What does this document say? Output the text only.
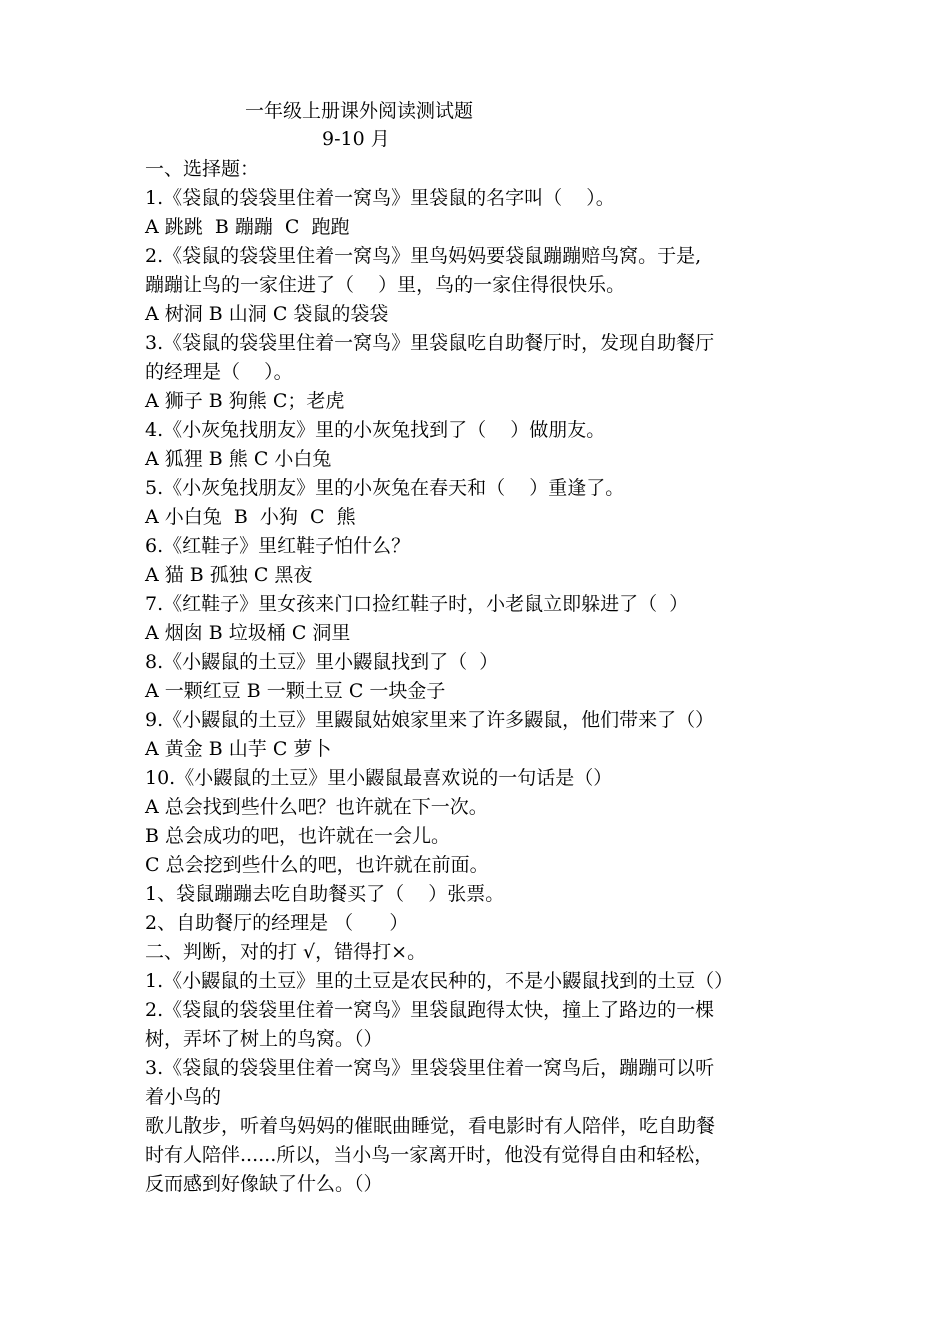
一年级上册课外阅读测试题
9-10 月
一、选择题：
1.《袋鼠的袋袋里住着一窝鸟》里袋鼠的名字叫（    ）。
A 跳跳  B 蹦蹦  C  跑跑
2.《袋鼠的袋袋里住着一窝鸟》里鸟妈妈要袋鼠蹦蹦赔鸟窝。于是,
蹦蹦让鸟的一家住进了（    ）里，鸟的一家住得很快乐。
A 树洞 B 山洞 C 袋鼠的袋袋
3.《袋鼠的袋袋里住着一窝鸟》里袋鼠吃自助餐厅时，发现自助餐厅
的经理是（    ）。
A 狮子 B 狗熊 C；老虎
4.《小灰兔找朋友》里的小灰兔找到了（    ）做朋友。
A 狐狸 B 熊 C 小白兔
5.《小灰兔找朋友》里的小灰兔在春天和（    ）重逢了。
A 小白兔  B  小狗  C  熊
6.《红鞋子》里红鞋子怕什么？
A 猫 B 孤独 C 黑夜
7.《红鞋子》里女孩来门口捡红鞋子时，小老鼠立即躲进了（  ）
A 烟囱 B 垃圾桶 C 洞里
8.《小鼹鼠的土豆》里小鼹鼠找到了（  ）
A 一颗红豆 B 一颗土豆 C 一块金子
9.《小鼹鼠的土豆》里鼹鼠姑娘家里来了许多鼹鼠，他们带来了（）
A 黄金 B 山芋 C 萝卜
10.《小鼹鼠的土豆》里小鼹鼠最喜欢说的一句话是（）
A 总会找到些什么吧？也许就在下一次。
B 总会成功的吧，也许就在一会儿。
C 总会挖到些什么的吧，也许就在前面。
1、袋鼠蹦蹦去吃自助餐买了（    ）张票。
2、自助餐厅的经理是 （      ）
二、判断，对的打 √，错得打×。
1.《小鼹鼠的土豆》里的土豆是农民种的，不是小鼹鼠找到的土豆（）
2.《袋鼠的袋袋里住着一窝鸟》里袋鼠跑得太快，撞上了路边的一棵
树，弄坏了树上的鸟窝。（）
3.《袋鼠的袋袋里住着一窝鸟》里袋袋里住着一窝鸟后，蹦蹦可以听
着小鸟的
歌儿散步，听着鸟妈妈的催眠曲睡觉，看电影时有人陪伴，吃自助餐
时有人陪伴......所以，当小鸟一家离开时，他没有觉得自由和轻松，
反而感到好像缺了什么。（）
